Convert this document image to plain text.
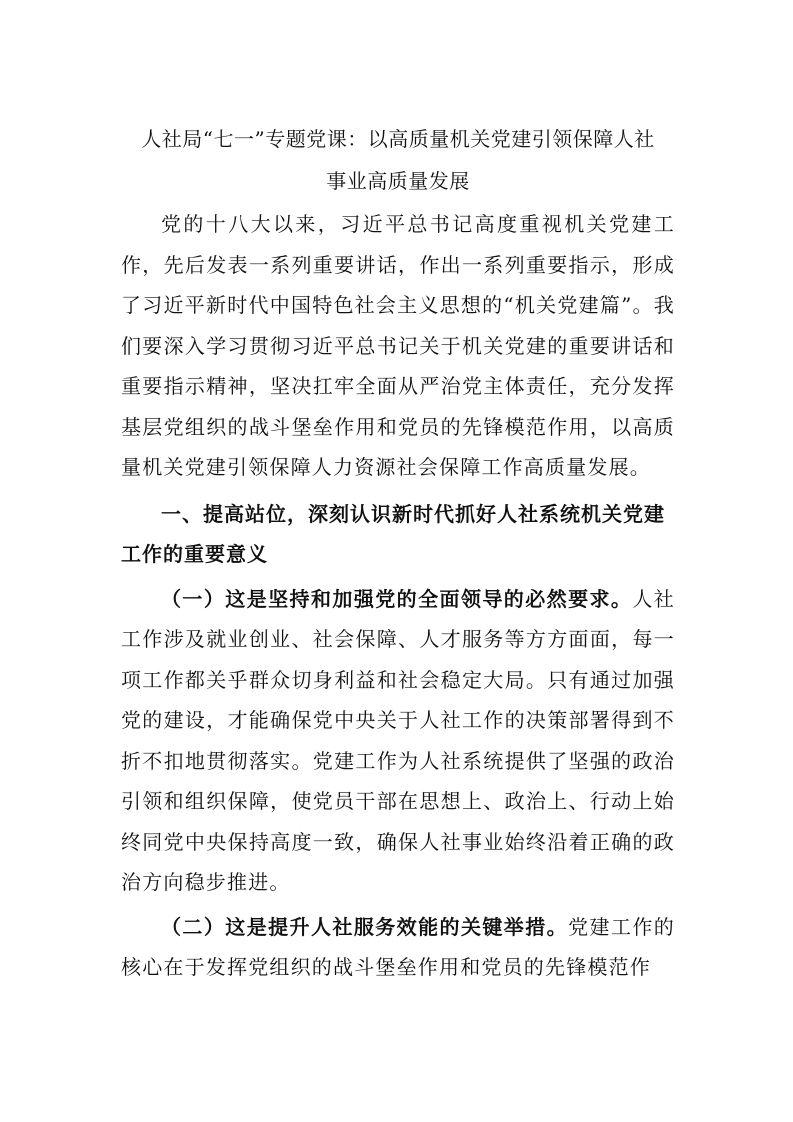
人社局“七一”专题党课：以高质量机关党建引领保障人社
事业高质量发展

党的十八大以来，习近平总书记高度重视机关党建工作，先后发表一系列重要讲话，作出一系列重要指示，形成了习近平新时代中国特色社会主义思想的“机关党建篇”。我们要深入学习贯彻习近平总书记关于机关党建的重要讲话和重要指示精神，坚决扛牢全面从严治党主体责任，充分发挥基层党组织的战斗堡垒作用和党员的先锋模范作用，以高质量机关党建引领保障人力资源社会保障工作高质量发展。

一、提高站位，深刻认识新时代抓好人社系统机关党建工作的重要意义

（一）这是坚持和加强党的全面领导的必然要求。人社工作涉及就业创业、社会保障、人才服务等方方面面，每一项工作都关乎群众切身利益和社会稳定大局。只有通过加强党的建设，才能确保党中央关于人社工作的决策部署得到不折不扣地贯彻落实。党建工作为人社系统提供了坚强的政治引领和组织保障，使党员干部在思想上、政治上、行动上始终同党中央保持高度一致，确保人社事业始终沿着正确的政治方向稳步推进。

（二）这是提升人社服务效能的关键举措。党建工作的核心在于发挥党组织的战斗堡垒作用和党员的先锋模范作
